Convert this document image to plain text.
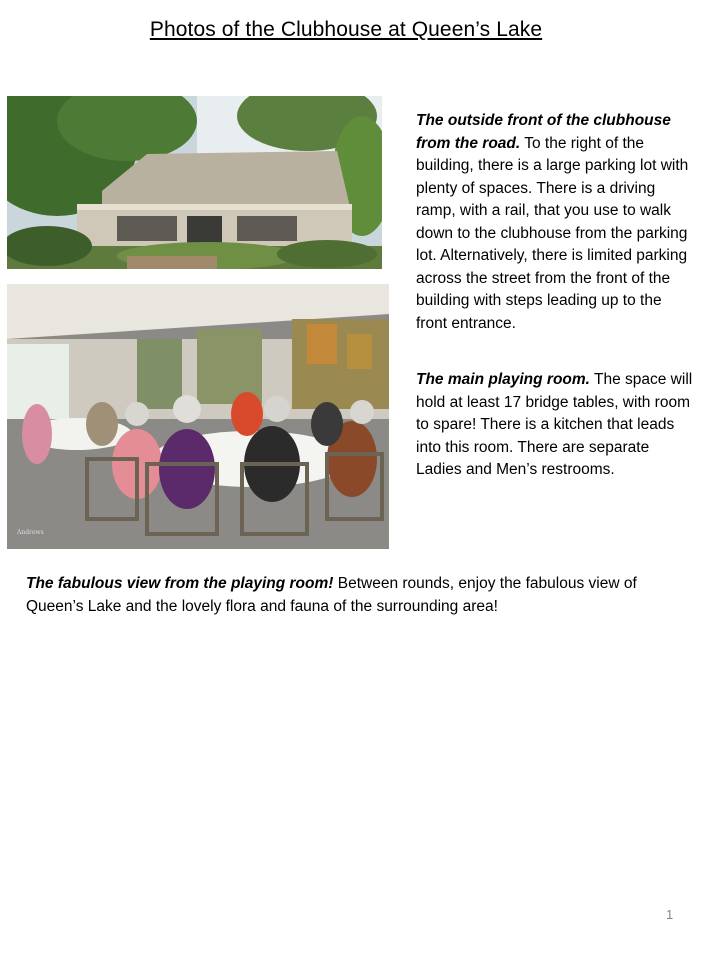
Photos of the Clubhouse at Queen’s Lake
Andrews
The outside front of the clubhouse from the road. To the right of the building, there is a large parking lot with plenty of spaces. There is a driving ramp, with a rail, that you use to walk down to the clubhouse from the parking lot. Alternatively, there is limited parking across the street from the front of the building with steps leading up to the front entrance.
The main playing room. The space will hold at least 17 bridge tables, with room to spare! There is a kitchen that leads into this room. There are separate Ladies and Men’s restrooms.
The fabulous view from the playing room! Between rounds, enjoy the fabulous view of Queen’s Lake and the lovely flora and fauna of the surrounding area!
1
